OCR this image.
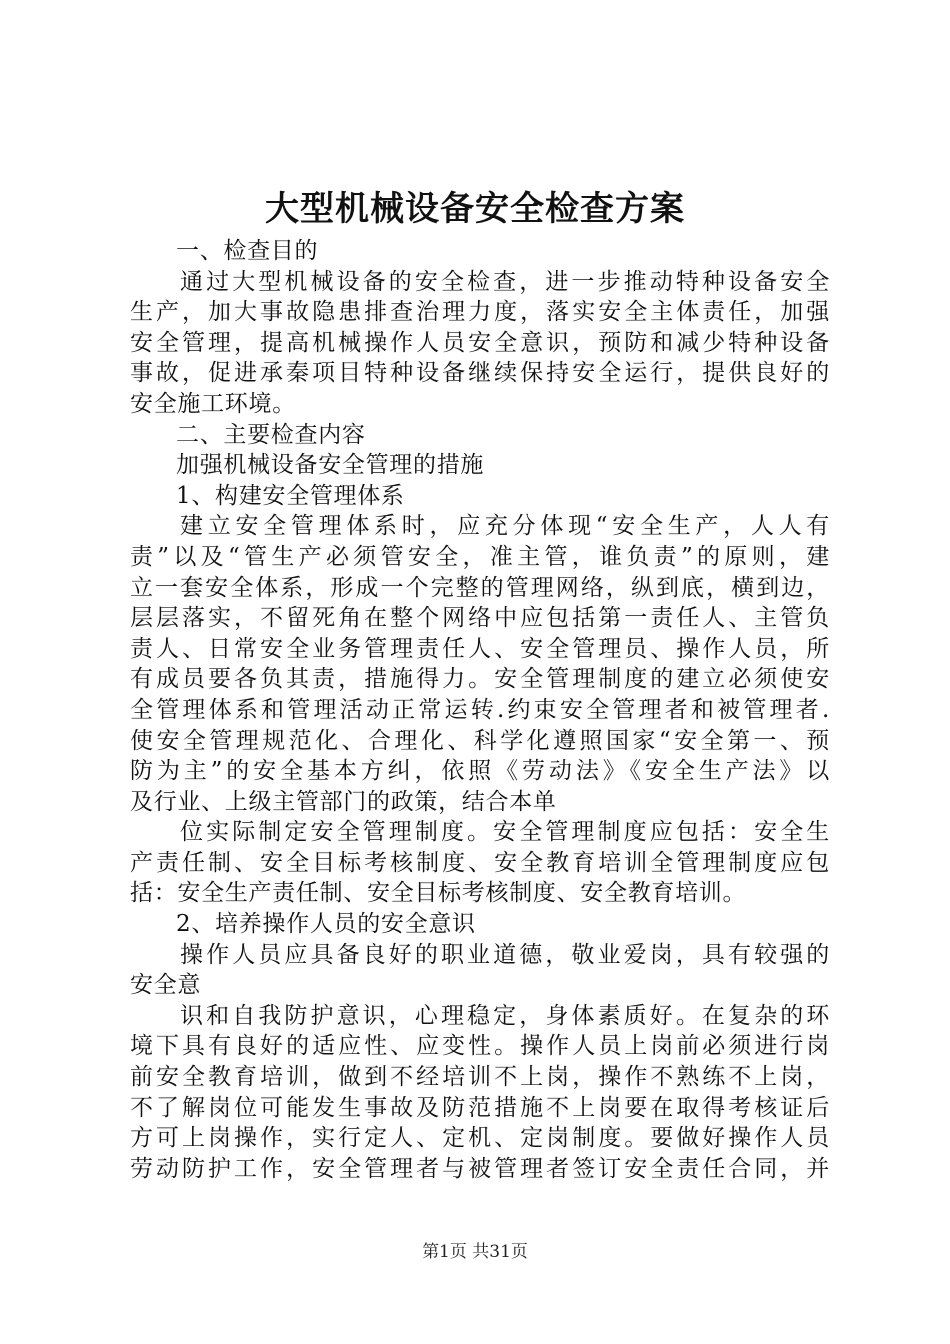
大型机械设备安全检查方案
一、检查目的
通过大型机械设备的安全检查，进一步推动特种设备安全
生产，加大事故隐患排查治理力度，落实安全主体责任，加强
安全管理，提高机械操作人员安全意识，预防和减少特种设备
事故，促进承秦项目特种设备继续保持安全运行，提供良好的
安全施工环境。
二、主要检查内容
加强机械设备安全管理的措施
1、构建安全管理体系
建立安全管理体系时，应充分体现“安全生产，人人有
责”以及“管生产必须管安全，准主管，谁负责”的原则，建
立一套安全体系，形成一个完整的管理网络，纵到底，横到边，
层层落实，不留死角在整个网络中应包括第一责任人、主管负
责人、日常安全业务管理责任人、安全管理员、操作人员，所
有成员要各负其责，措施得力。安全管理制度的建立必须使安
全管理体系和管理活动正常运转.约束安全管理者和被管理者.
使安全管理规范化、合理化、科学化遵照国家“安全第一、预
防为主”的安全基本方纠，依照《劳动法》《安全生产法》以
及行业、上级主管部门的政策，结合本单
位实际制定安全管理制度。安全管理制度应包括：安全生
产责任制、安全目标考核制度、安全教育培训全管理制度应包
括：安全生产责任制、安全目标考核制度、安全教育培训。
2、培养操作人员的安全意识
操作人员应具备良好的职业道德，敬业爱岗，具有较强的
安全意
识和自我防护意识，心理稳定，身体素质好。在复杂的环
境下具有良好的适应性、应变性。操作人员上岗前必须进行岗
前安全教育培训，做到不经培训不上岗，操作不熟练不上岗，
不了解岗位可能发生事故及防范措施不上岗要在取得考核证后
方可上岗操作，实行定人、定机、定岗制度。要做好操作人员
劳动防护工作，安全管理者与被管理者签订安全责任合同，并
第1页 共31页
